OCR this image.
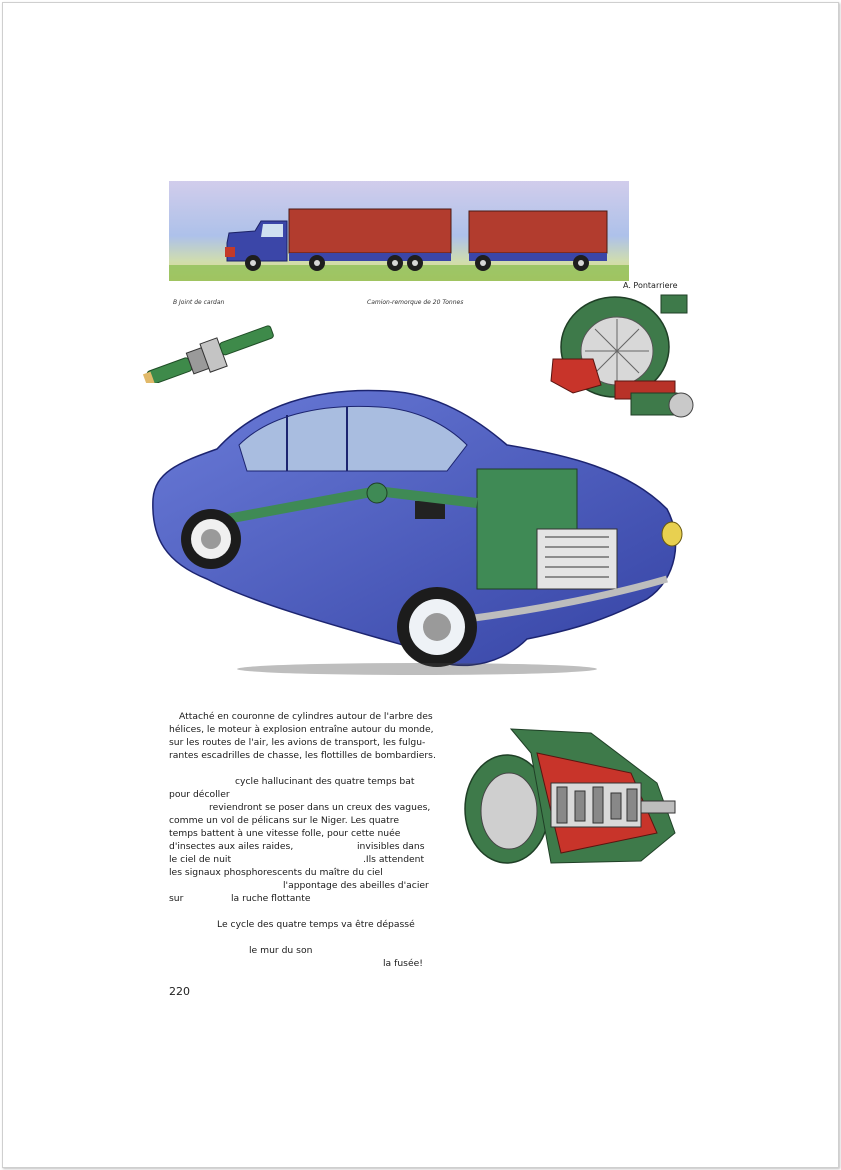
A. Pontarriere
B Joint de cardan	Camion-remorque de 20 Tonnes
Attaché en couronne de cylindres autour de l'arbre des
hélices, le moteur à explosion entraîne autour du monde,
sur les routes de l'air, les avions de transport, les fulgu-
rantes escadrilles de chasse, les flottilles de bombardiers.
cycle hallucinant des quatre temps bat
pour décoller
reviendront se poser dans un creux des vagues,
comme un vol de pélicans sur le Niger. Les quatre
temps battent à une vitesse folle, pour cette nuée
d'insectes aux ailes raides,	invisibles dans
le ciel de nuit	.Ils attendent
les signaux phosphorescents du maître du ciel
l'appontage des abeilles d'acier
sur	la ruche flottante
Le cycle des quatre temps va être dépassé
le mur du son
la fusée!
220
